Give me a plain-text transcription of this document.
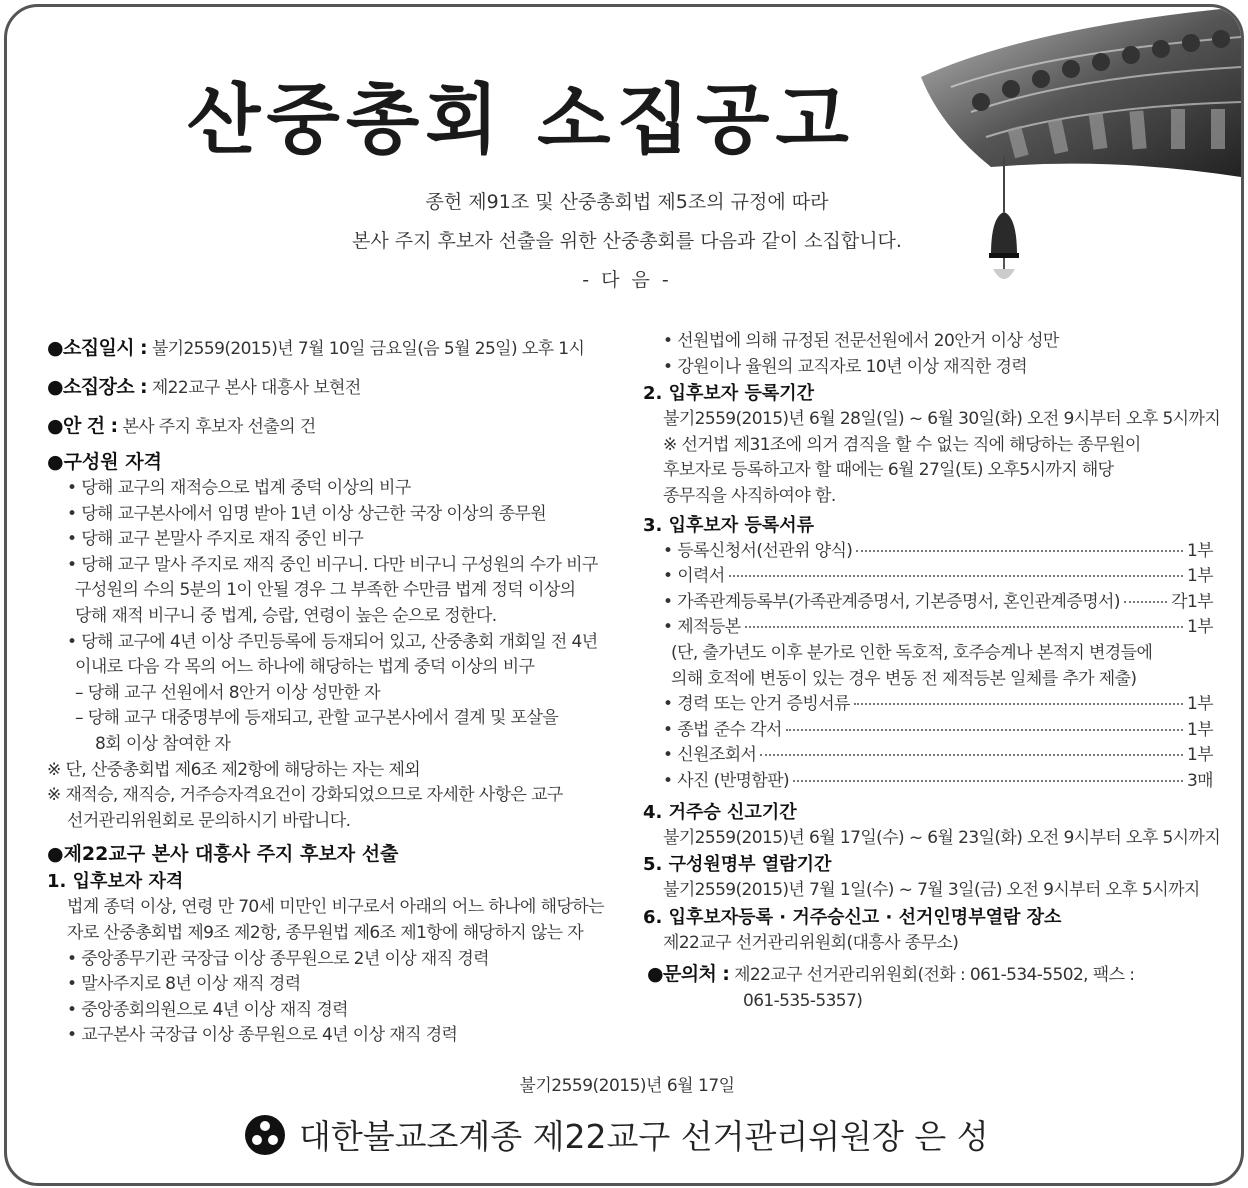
산중총회 소집공고
종헌 제91조 및 산중총회법 제5조의 규정에 따라
본사 주지 후보자 선출을 위한 산중총회를 다음과 같이 소집합니다.
- 다 음 -
●소집일시 : 불기2559(2015)년 7월 10일 금요일(음 5월 25일) 오후 1시
●소집장소 : 제22교구 본사 대흥사 보현전
●안 건 : 본사 주지 후보자 선출의 건
●구성원 자격
• 당해 교구의 재적승으로 법계 중덕 이상의 비구
• 당해 교구본사에서 임명 받아 1년 이상 상근한 국장 이상의 종무원
• 당해 교구 본말사 주지로 재직 중인 비구
• 당해 교구 말사 주지로 재직 중인 비구니. 다만 비구니 구성원의 수가 비구
구성원의 수의 5분의 1이 안될 경우 그 부족한 수만큼 법계 정덕 이상의
당해 재적 비구니 중 법계, 승랍, 연령이 높은 순으로 정한다.
• 당해 교구에 4년 이상 주민등록에 등재되어 있고, 산중총회 개회일 전 4년
이내로 다음 각 목의 어느 하나에 해당하는 법계 중덕 이상의 비구
– 당해 교구 선원에서 8안거 이상 성만한 자
– 당해 교구 대중명부에 등재되고, 관할 교구본사에서 결계 및 포살을
8회 이상 참여한 자
※ 단, 산중총회법 제6조 제2항에 해당하는 자는 제외
※ 재적승, 재직승, 거주승자격요건이 강화되었으므로 자세한 사항은 교구
선거관리위원회로 문의하시기 바랍니다.
●제22교구 본사 대흥사 주지 후보자 선출
1. 입후보자 자격
법계 종덕 이상, 연령 만 70세 미만인 비구로서 아래의 어느 하나에 해당하는
자로 산중총회법 제9조 제2항, 종무원법 제6조 제1항에 해당하지 않는 자
• 중앙종무기관 국장급 이상 종무원으로 2년 이상 재직 경력
• 말사주지로 8년 이상 재직 경력
• 중앙종회의원으로 4년 이상 재직 경력
• 교구본사 국장급 이상 종무원으로 4년 이상 재직 경력
• 선원법에 의해 규정된 전문선원에서 20안거 이상 성만
• 강원이나 율원의 교직자로 10년 이상 재직한 경력
2. 입후보자 등록기간
불기2559(2015)년 6월 28일(일) ~ 6월 30일(화) 오전 9시부터 오후 5시까지
※ 선거법 제31조에 의거 겸직을 할 수 없는 직에 해당하는 종무원이
후보자로 등록하고자 할 때에는 6월 27일(토) 오후5시까지 해당
종무직을 사직하여야 함.
3. 입후보자 등록서류
• 등록신청서(선관위 양식)	1부
• 이력서	1부
• 가족관계등록부(가족관계증명서, 기본증명서, 혼인관계증명서)	각1부
• 제적등본	1부
(단, 출가년도 이후 분가로 인한 독호적, 호주승계나 본적지 변경들에
의해 호적에 변동이 있는 경우 변동 전 제적등본 일체를 추가 제출)
• 경력 또는 안거 증빙서류	1부
• 종법 준수 각서	1부
• 신원조회서	1부
• 사진 (반명함판)	3매
4. 거주승 신고기간
불기2559(2015)년 6월 17일(수) ~ 6월 23일(화) 오전 9시부터 오후 5시까지
5. 구성원명부 열람기간
불기2559(2015)년 7월 1일(수) ~ 7월 3일(금) 오전 9시부터 오후 5시까지
6. 입후보자등록 · 거주승신고 · 선거인명부열람 장소
제22교구 선거관리위원회(대흥사 종무소)
●문의처 : 제22교구 선거관리위원회(전화 : 061-534-5502, 팩스 :
061-535-5357)
불기2559(2015)년 6월 17일
대한불교조계종 제22교구 선거관리위원장 은 성
